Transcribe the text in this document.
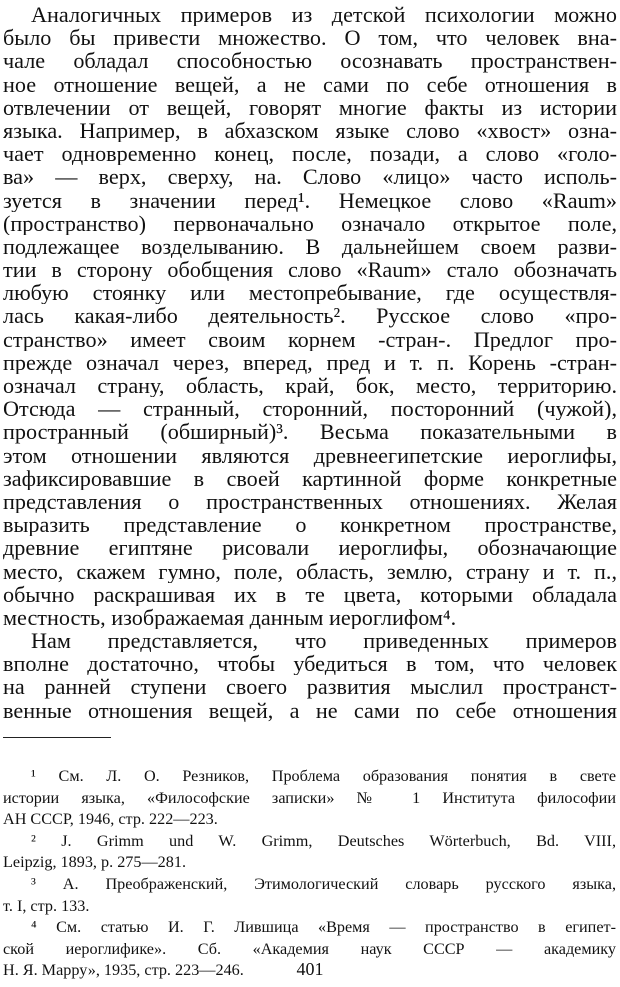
Аналогичных примеров из детской психологии можно
было бы привести множество. О том, что человек вна-
чале обладал способностью осознавать пространствен-
ное отношение вещей, а не сами по себе отношения в
отвлечении от вещей, говорят многие факты из истории
языка. Например, в абхазском языке слово «хвост» озна-
чает одновременно конец, после, позади, а слово «голо-
ва» — верх, сверху, на. Слово «лицо» часто исполь-
зуется в значении перед¹. Немецкое слово «Raum»
(пространство) первоначально означало открытое поле,
подлежащее возделыванию. В дальнейшем своем разви-
тии в сторону обобщения слово «Raum» стало обозначать
любую стоянку или местопребывание, где осуществля-
лась какая-либо деятельность². Русское слово «про-
странство» имеет своим корнем -стран-. Предлог про-
прежде означал через, вперед, пред и т. п. Корень -стран-
означал страну, область, край, бок, место, территорию.
Отсюда — странный, сторонний, посторонний (чужой),
пространный (обширный)³. Весьма показательными в
этом отношении являются древнеегипетские иероглифы,
зафиксировавшие в своей картинной форме конкретные
представления о пространственных отношениях. Желая
выразить представление о конкретном пространстве,
древние египтяне рисовали иероглифы, обозначающие
место, скажем гумно, поле, область, землю, страну и т. п.,
обычно раскрашивая их в те цвета, которыми обладала
местность, изображаемая данным иероглифом⁴.
Нам представляется, что приведенных примеров
вполне достаточно, чтобы убедиться в том, что человек
на ранней ступени своего развития мыслил пространст-
венные отношения вещей, а не сами по себе отношения
¹ См. Л. О. Резников, Проблема образования понятия в свете
истории языка, «Философские записки» № 1 Института философии
АН СССР, 1946, стр. 222—223.
² J. Grimm und W. Grimm, Deutsches Wörterbuch, Bd. VIII,
Leipzig, 1893, p. 275—281.
³ А. Преображенский, Этимологический словарь русского языка,
т. I, стр. 133.
⁴ См. статью И. Г. Лившица «Время — пространство в египет-
ской иероглифике». Сб. «Академия наук СССР — академику
Н. Я. Марру», 1935, стр. 223—246.	401
